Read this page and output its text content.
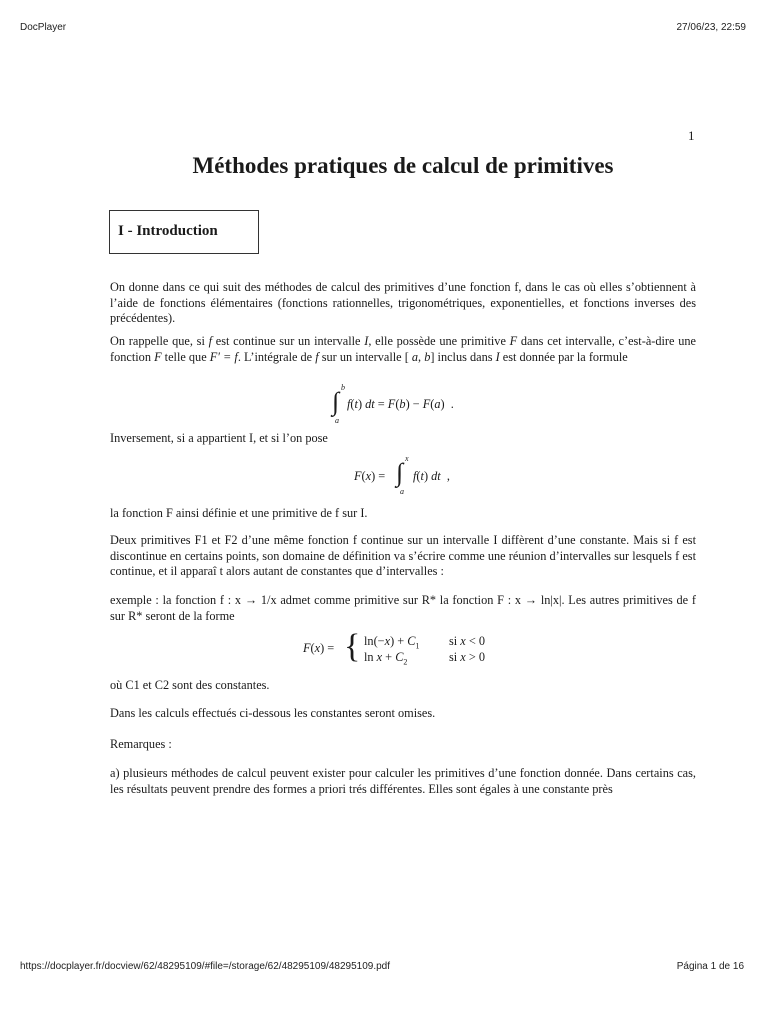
DocPlayer	27/06/23, 22:59
https://docplayer.fr/docview/62/48295109/#file=/storage/62/48295109/48295109.pdf	Página 1 de 16
1
Méthodes pratiques de calcul de primitives
I - Introduction

On donne dans ce qui suit des méthodes de calcul des primitives d’une fonction f, dans le cas où elles s’obtiennent à l’aide de fonctions élémentaires (fonctions rationnelles, trigonométriques, exponentielles, et fonctions inverses des précédentes).

On rappelle que, si f est continue sur un intervalle I, elle possède une primitive F dans cet intervalle, c’est-à-dire une fonction F telle que F′ = f. L’intégrale de f sur un intervalle [ a, b] inclus dans I est donnée par la formule

b
∫
a
f(t) dt = F(b) − F(a)  .

Inversement, si a appartient I, et si l’on pose

x
∫
a
F(x) = f(t) dt  ,

la fonction F ainsi définie et une primitive de f sur I.

Deux primitives F1 et F2 d’une même fonction f continue sur un intervalle I diffèrent d’une constante. Mais si f est discontinue en certains points, son domaine de définition va s’écrire comme une réunion d’intervalles sur lesquels f est continue, et il apparaî t alors autant de constantes que d’intervalles :

exemple : la fonction f : x → 1/x admet comme primitive sur R* la fonction F : x → ln|x|. Les autres primitives de f sur R* seront de la forme

F(x) = { $\ln(-x) + C_1$ si x < 0
$\ln x + C_2$	si x > 0

où C1 et C2 sont des constantes.

Dans les calculs effectués ci-dessous les constantes seront omises.

Remarques :

a) plusieurs méthodes de calcul peuvent exister pour calculer les primitives d’une fonction donnée. Dans certains cas, les résultats peuvent prendre des formes a priori trés différentes. Elles sont égales à une constante près
